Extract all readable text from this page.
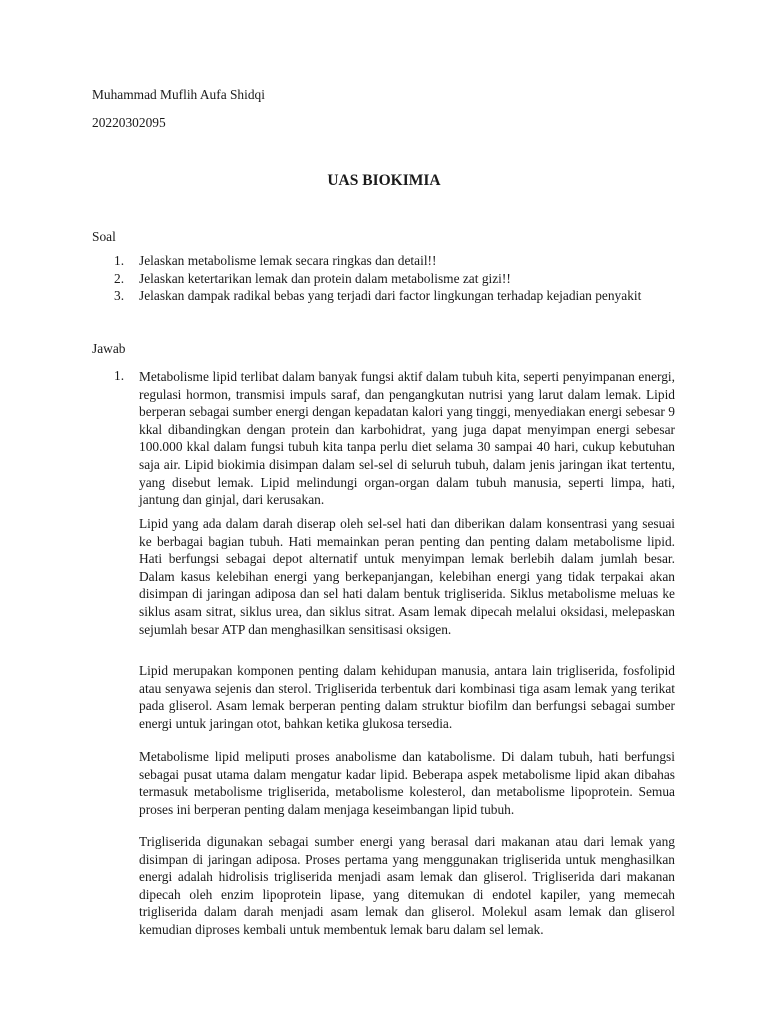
Muhammad Muflih Aufa Shidqi
20220302095
UAS BIOKIMIA
Soal
1. Jelaskan metabolisme lemak secara ringkas dan detail!!
2. Jelaskan ketertarikan lemak dan protein dalam metabolisme zat gizi!!
3. Jelaskan dampak radikal bebas yang terjadi dari factor lingkungan terhadap kejadian penyakit
Jawab
1. Metabolisme lipid terlibat dalam banyak fungsi aktif dalam tubuh kita, seperti penyimpanan energi, regulasi hormon, transmisi impuls saraf, dan pengangkutan nutrisi yang larut dalam lemak. Lipid berperan sebagai sumber energi dengan kepadatan kalori yang tinggi, menyediakan energi sebesar 9 kkal dibandingkan dengan protein dan karbohidrat, yang juga dapat menyimpan energi sebesar 100.000 kkal dalam fungsi tubuh kita tanpa perlu diet selama 30 sampai 40 hari, cukup kebutuhan saja air. Lipid biokimia disimpan dalam sel-sel di seluruh tubuh, dalam jenis jaringan ikat tertentu, yang disebut lemak. Lipid melindungi organ-organ dalam tubuh manusia, seperti limpa, hati, jantung dan ginjal, dari kerusakan.
Lipid yang ada dalam darah diserap oleh sel-sel hati dan diberikan dalam konsentrasi yang sesuai ke berbagai bagian tubuh. Hati memainkan peran penting dan penting dalam metabolisme lipid. Hati berfungsi sebagai depot alternatif untuk menyimpan lemak berlebih dalam jumlah besar. Dalam kasus kelebihan energi yang berkepanjangan, kelebihan energi yang tidak terpakai akan disimpan di jaringan adiposa dan sel hati dalam bentuk trigliserida. Siklus metabolisme meluas ke siklus asam sitrat, siklus urea, dan siklus sitrat. Asam lemak dipecah melalui oksidasi, melepaskan sejumlah besar ATP dan menghasilkan sensitisasi oksigen.
Lipid merupakan komponen penting dalam kehidupan manusia, antara lain trigliserida, fosfolipid atau senyawa sejenis dan sterol. Trigliserida terbentuk dari kombinasi tiga asam lemak yang terikat pada gliserol. Asam lemak berperan penting dalam struktur biofilm dan berfungsi sebagai sumber energi untuk jaringan otot, bahkan ketika glukosa tersedia.
Metabolisme lipid meliputi proses anabolisme dan katabolisme. Di dalam tubuh, hati berfungsi sebagai pusat utama dalam mengatur kadar lipid. Beberapa aspek metabolisme lipid akan dibahas termasuk metabolisme trigliserida, metabolisme kolesterol, dan metabolisme lipoprotein. Semua proses ini berperan penting dalam menjaga keseimbangan lipid tubuh.
Trigliserida digunakan sebagai sumber energi yang berasal dari makanan atau dari lemak yang disimpan di jaringan adiposa. Proses pertama yang menggunakan trigliserida untuk menghasilkan energi adalah hidrolisis trigliserida menjadi asam lemak dan gliserol. Trigliserida dari makanan dipecah oleh enzim lipoprotein lipase, yang ditemukan di endotel kapiler, yang memecah trigliserida dalam darah menjadi asam lemak dan gliserol. Molekul asam lemak dan gliserol kemudian diproses kembali untuk membentuk lemak baru dalam sel lemak.
